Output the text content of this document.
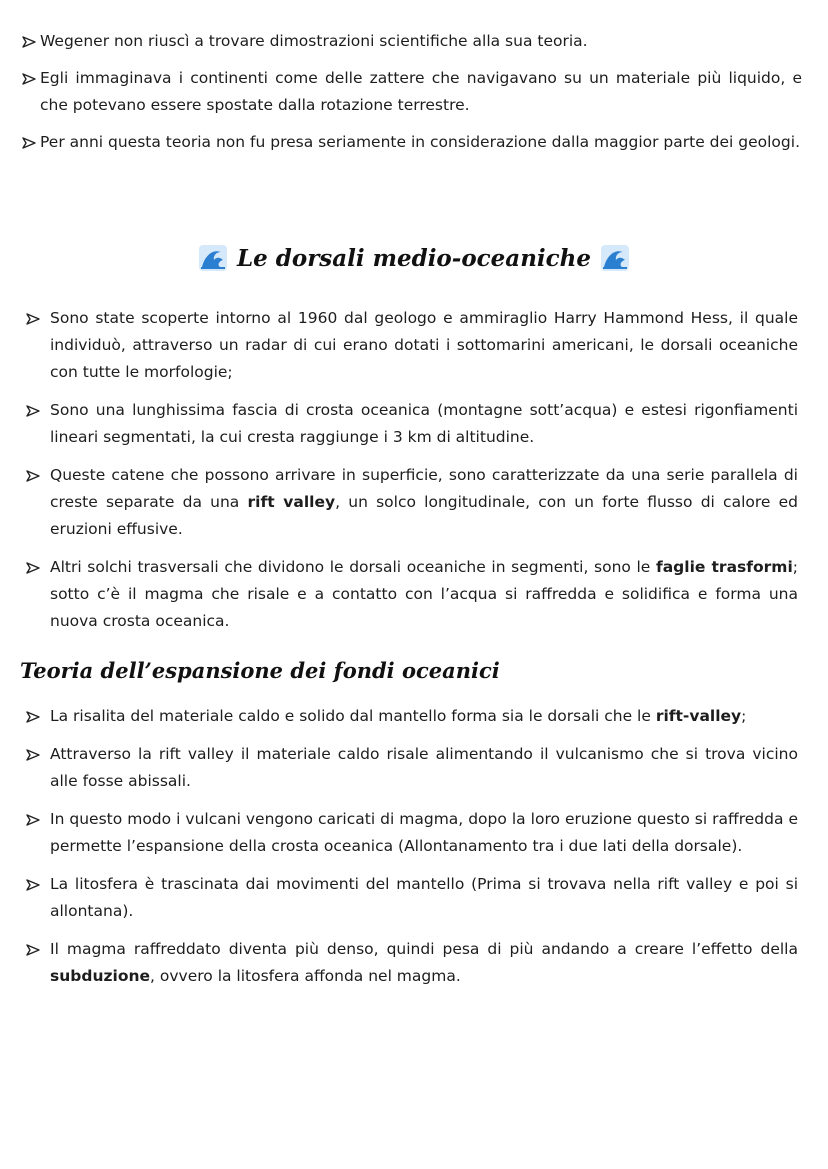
Wegener non riuscì a trovare dimostrazioni scientifiche alla sua teoria.
Egli immaginava i continenti come delle zattere che navigavano su un materiale più liquido, e che potevano essere spostate dalla rotazione terrestre.
Per anni questa teoria non fu presa seriamente in considerazione dalla maggior parte dei geologi.
Le dorsali medio-oceaniche
Sono state scoperte intorno al 1960 dal geologo e ammiraglio Harry Hammond Hess, il quale individuò, attraverso un radar di cui erano dotati i sottomarini americani, le dorsali oceaniche con tutte le morfologie;
Sono una lunghissima fascia di crosta oceanica (montagne sott’acqua) e estesi rigonfiamenti lineari segmentati, la cui cresta raggiunge i 3 km di altitudine.
Queste catene che possono arrivare in superficie, sono caratterizzate da una serie parallela di creste separate da una rift valley, un solco longitudinale, con un forte flusso di calore ed eruzioni effusive.
Altri solchi trasversali che dividono le dorsali oceaniche in segmenti, sono le faglie trasformi; sotto c’è il magma che risale e a contatto con l’acqua si raffredda e solidifica e forma una nuova crosta oceanica.
Teoria dell’espansione dei fondi oceanici
La risalita del materiale caldo e solido dal mantello forma sia le dorsali che le rift-valley;
Attraverso la rift valley il materiale caldo risale alimentando il vulcanismo che si trova vicino alle fosse abissali.
In questo modo i vulcani vengono caricati di magma, dopo la loro eruzione questo si raffredda e permette l’espansione della crosta oceanica (Allontanamento tra i due lati della dorsale).
La litosfera è trascinata dai movimenti del mantello (Prima si trovava nella rift valley e poi si allontana).
Il magma raffreddato diventa più denso, quindi pesa di più andando a creare l’effetto della subduzione, ovvero la litosfera affonda nel magma.
